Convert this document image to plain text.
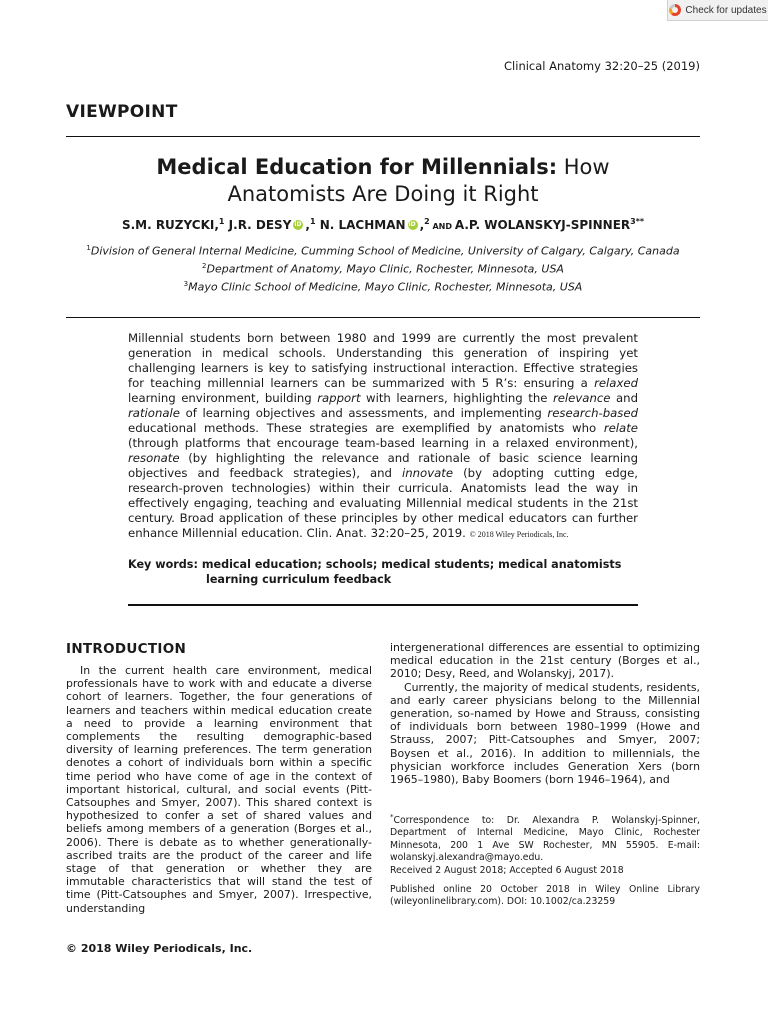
Check for updates
Clinical Anatomy 32:20–25 (2019)
VIEWPOINT
Medical Education for Millennials: How
Anatomists Are Doing it Right
S.M. RUZYCKI,$^1$ J.R. DESY iD ,$^1$ N. LACHMAN iD ,$^2$ AND A.P. WOLANSKYJ-$SPINNER^{3**}$
$^1$Division of General Internal Medicine, Cumming School of Medicine, University of Calgary, Calgary, Canada
$^2$Department of Anatomy, Mayo Clinic, Rochester, Minnesota, USA
$^3$Mayo Clinic School of Medicine, Mayo Clinic, Rochester, Minnesota, USA
Millennial students born between 1980 and 1999 are currently the most prevalent generation in medical schools. Understanding this generation of inspiring yet challenging learners is key to satisfying instructional interaction. Effective strategies for teaching millennial learners can be summarized with 5 R’s: ensuring a relaxed learning environment, building rapport with learners, highlighting the relevance and rationale of learning objectives and assessments, and implementing research-based educational methods. These strategies are exemplified by anatomists who relate (through platforms that encourage team-based learning in a relaxed environment), resonate (by highlighting the relevance and rationale of basic science learning objectives and feedback strategies), and innovate (by adopting cutting edge, research-proven technologies) within their curricula. Anatomists lead the way in effectively engaging, teaching and evaluating Millennial medical students in the 21st century. Broad application of these principles by other medical educators can further enhance Millennial education. Clin. Anat. 32:20–25, 2019. © 2018 Wiley Periodicals, Inc.
Key words: medical education; schools; medical students; medical anatomists
learning curriculum feedback
INTRODUCTION

In the current health care environment, medical professionals have to work with and educate a diverse cohort of learners. Together, the four generations of learners and teachers within medical education create a need to provide a learning environment that complements the resulting demographic-based diversity of learning preferences. The term generation denotes a cohort of individuals born within a specific time period who have come of age in the context of important historical, cultural, and social events (Pitt-Catsouphes and Smyer, 2007). This shared context is hypothesized to confer a set of shared values and beliefs among members of a generation (Borges et al., 2006). There is debate as to whether generationally-ascribed traits are the product of the career and life stage of that generation or whether they are immutable characteristics that will stand the test of time (Pitt-Catsouphes and Smyer, 2007). Irrespective, understanding

intergenerational differences are essential to optimizing medical education in the 21st century (Borges et al., 2010; Desy, Reed, and Wolanskyj, 2017).

Currently, the majority of medical students, residents, and early career physicians belong to the Millennial generation, so-named by Howe and Strauss, consisting of individuals born between 1980–1999 (Howe and Strauss, 2007; Pitt-Catsouphes and Smyer, 2007; Boysen et al., 2016). In addition to millennials, the physician workforce includes Generation Xers (born 1965–1980), Baby Boomers (born 1946–1964), and

*Correspondence to: Dr. Alexandra P. Wolanskyj-Spinner, Department of Internal Medicine, Mayo Clinic, Rochester Minnesota, 200 1 Ave SW Rochester, MN 55905. E-mail: wolanskyj.alexandra@mayo.edu.
Received 2 August 2018; Accepted 6 August 2018
Published online 20 October 2018 in Wiley Online Library (wileyonlinelibrary.com). DOI: 10.1002/ca.23259
© 2018 Wiley Periodicals, Inc.
